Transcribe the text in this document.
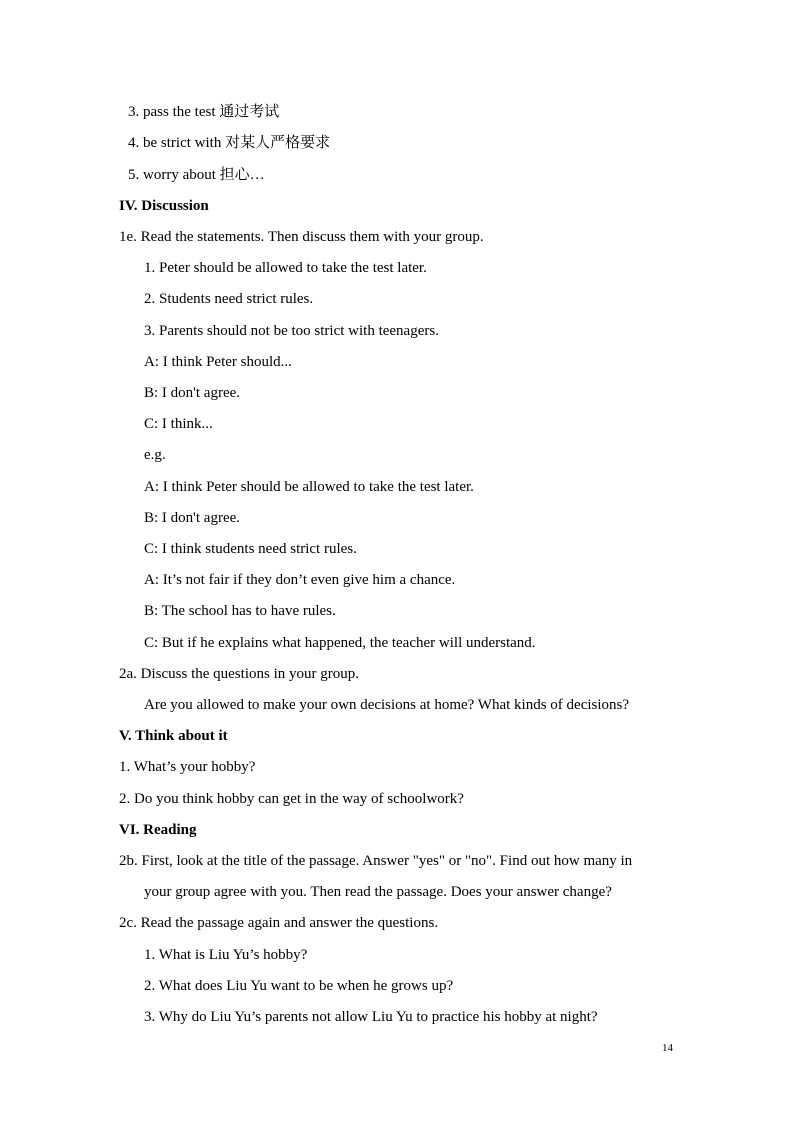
3. pass the test 通过考试
4. be strict with 对某人严格要求
5. worry about 担心…
IV. Discussion
1e. Read the statements. Then discuss them with your group.
1. Peter should be allowed to take the test later.
2. Students need strict rules.
3. Parents should not be too strict with teenagers.
A: I think Peter should...
B: I don't agree.
C: I think...
e.g.
A: I think Peter should be allowed to take the test later.
B: I don't agree.
C: I think students need strict rules.
A: It’s not fair if they don’t even give him a chance.
B: The school has to have rules.
C: But if he explains what happened, the teacher will understand.
2a. Discuss the questions in your group.
Are you allowed to make your own decisions at home? What kinds of decisions?
V. Think about it
1. What’s your hobby?
2. Do you think hobby can get in the way of schoolwork?
VI. Reading
2b. First, look at the title of the passage. Answer "yes" or "no". Find out how many in
your group agree with you. Then read the passage. Does your answer change?
2c. Read the passage again and answer the questions.
1. What is Liu Yu’s hobby?
2. What does Liu Yu want to be when he grows up?
3. Why do Liu Yu’s parents not allow Liu Yu to practice his hobby at night?
14
